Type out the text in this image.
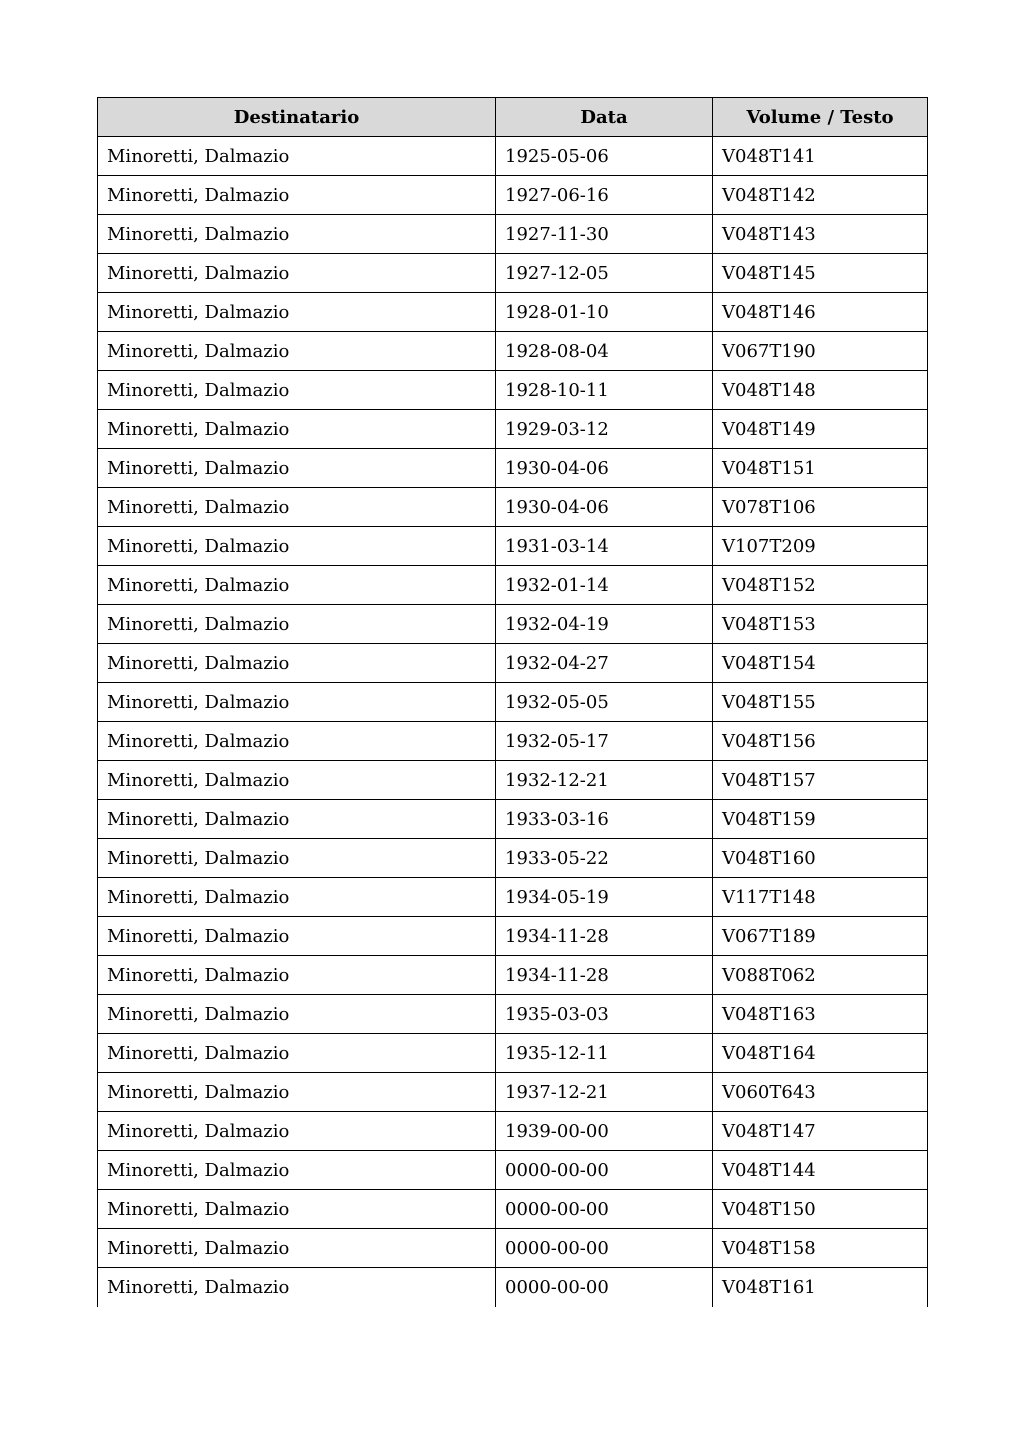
Destinatario	Data	Volume / Testo
Minoretti, Dalmazio	1925-05-06	V048T141
Minoretti, Dalmazio	1927-06-16	V048T142
Minoretti, Dalmazio	1927-11-30	V048T143
Minoretti, Dalmazio	1927-12-05	V048T145
Minoretti, Dalmazio	1928-01-10	V048T146
Minoretti, Dalmazio	1928-08-04	V067T190
Minoretti, Dalmazio	1928-10-11	V048T148
Minoretti, Dalmazio	1929-03-12	V048T149
Minoretti, Dalmazio	1930-04-06	V048T151
Minoretti, Dalmazio	1930-04-06	V078T106
Minoretti, Dalmazio	1931-03-14	V107T209
Minoretti, Dalmazio	1932-01-14	V048T152
Minoretti, Dalmazio	1932-04-19	V048T153
Minoretti, Dalmazio	1932-04-27	V048T154
Minoretti, Dalmazio	1932-05-05	V048T155
Minoretti, Dalmazio	1932-05-17	V048T156
Minoretti, Dalmazio	1932-12-21	V048T157
Minoretti, Dalmazio	1933-03-16	V048T159
Minoretti, Dalmazio	1933-05-22	V048T160
Minoretti, Dalmazio	1934-05-19	V117T148
Minoretti, Dalmazio	1934-11-28	V067T189
Minoretti, Dalmazio	1934-11-28	V088T062
Minoretti, Dalmazio	1935-03-03	V048T163
Minoretti, Dalmazio	1935-12-11	V048T164
Minoretti, Dalmazio	1937-12-21	V060T643
Minoretti, Dalmazio	1939-00-00	V048T147
Minoretti, Dalmazio	0000-00-00	V048T144
Minoretti, Dalmazio	0000-00-00	V048T150
Minoretti, Dalmazio	0000-00-00	V048T158
Minoretti, Dalmazio	0000-00-00	V048T161
